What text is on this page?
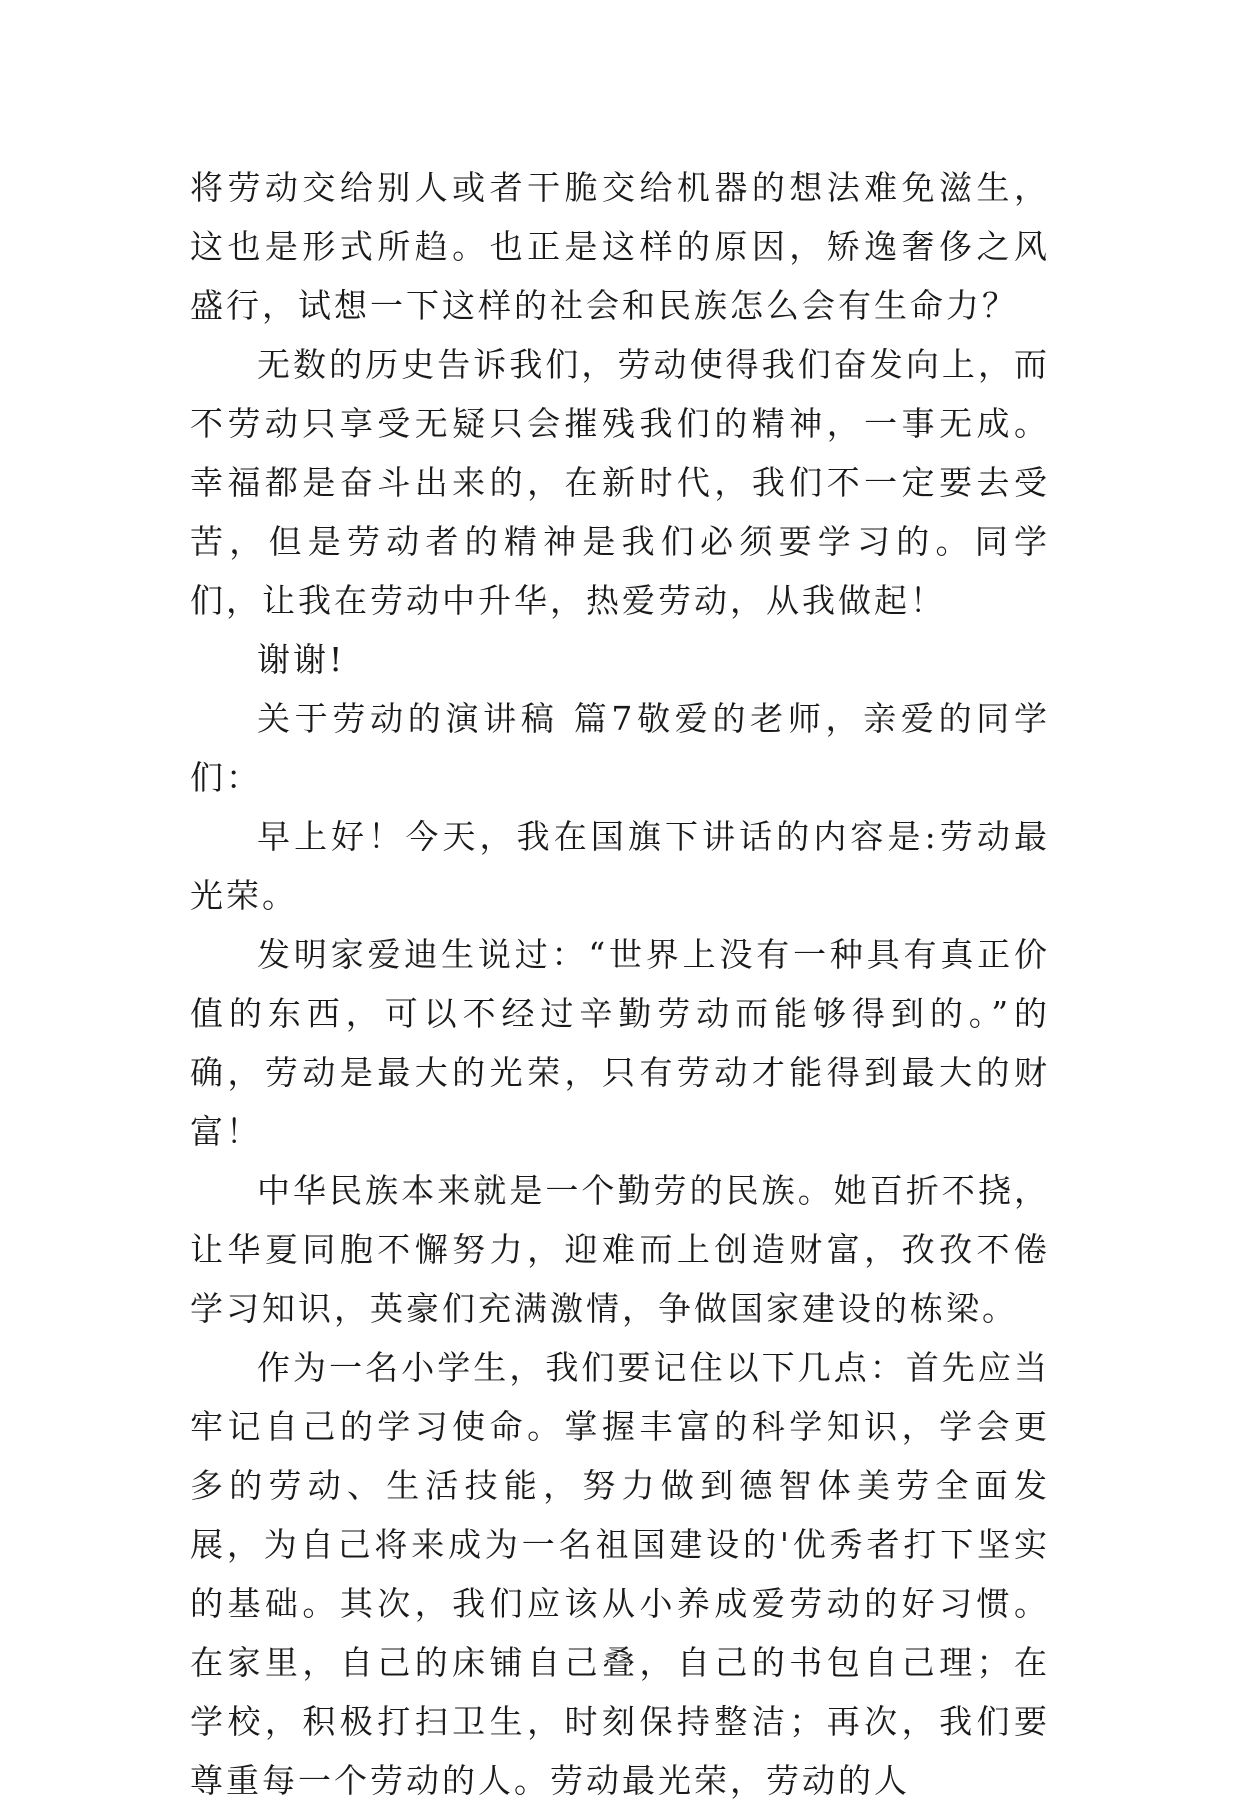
将劳动交给别人或者干脆交给机器的想法难免滋生，这也是形式所趋。也正是这样的原因，矫逸奢侈之风盛行，试想一下这样的社会和民族怎么会有生命力？

无数的历史告诉我们，劳动使得我们奋发向上，而不劳动只享受无疑只会摧残我们的精神，一事无成。幸福都是奋斗出来的，在新时代，我们不一定要去受苦，但是劳动者的精神是我们必须要学习的。同学们，让我在劳动中升华，热爱劳动，从我做起！

谢谢!

关于劳动的演讲稿 篇7敬爱的老师，亲爱的同学们：

早上好！今天，我在国旗下讲话的内容是:劳动最光荣。

发明家爱迪生说过：“世界上没有一种具有真正价值的东西，可以不经过辛勤劳动而能够得到的。”的确，劳动是最大的光荣，只有劳动才能得到最大的财富！

中华民族本来就是一个勤劳的民族。她百折不挠，让华夏同胞不懈努力，迎难而上创造财富，孜孜不倦学习知识，英豪们充满激情，争做国家建设的栋梁。

作为一名小学生，我们要记住以下几点：首先应当牢记自己的学习使命。掌握丰富的科学知识，学会更多的劳动、生活技能，努力做到德智体美劳全面发展，为自己将来成为一名祖国建设的'优秀者打下坚实的基础。其次，我们应该从小养成爱劳动的好习惯。在家里，自己的床铺自己叠，自己的书包自己理；在学校，积极打扫卫生，时刻保持整洁；再次，我们要尊重每一个劳动的人。劳动最光荣，劳动的人
